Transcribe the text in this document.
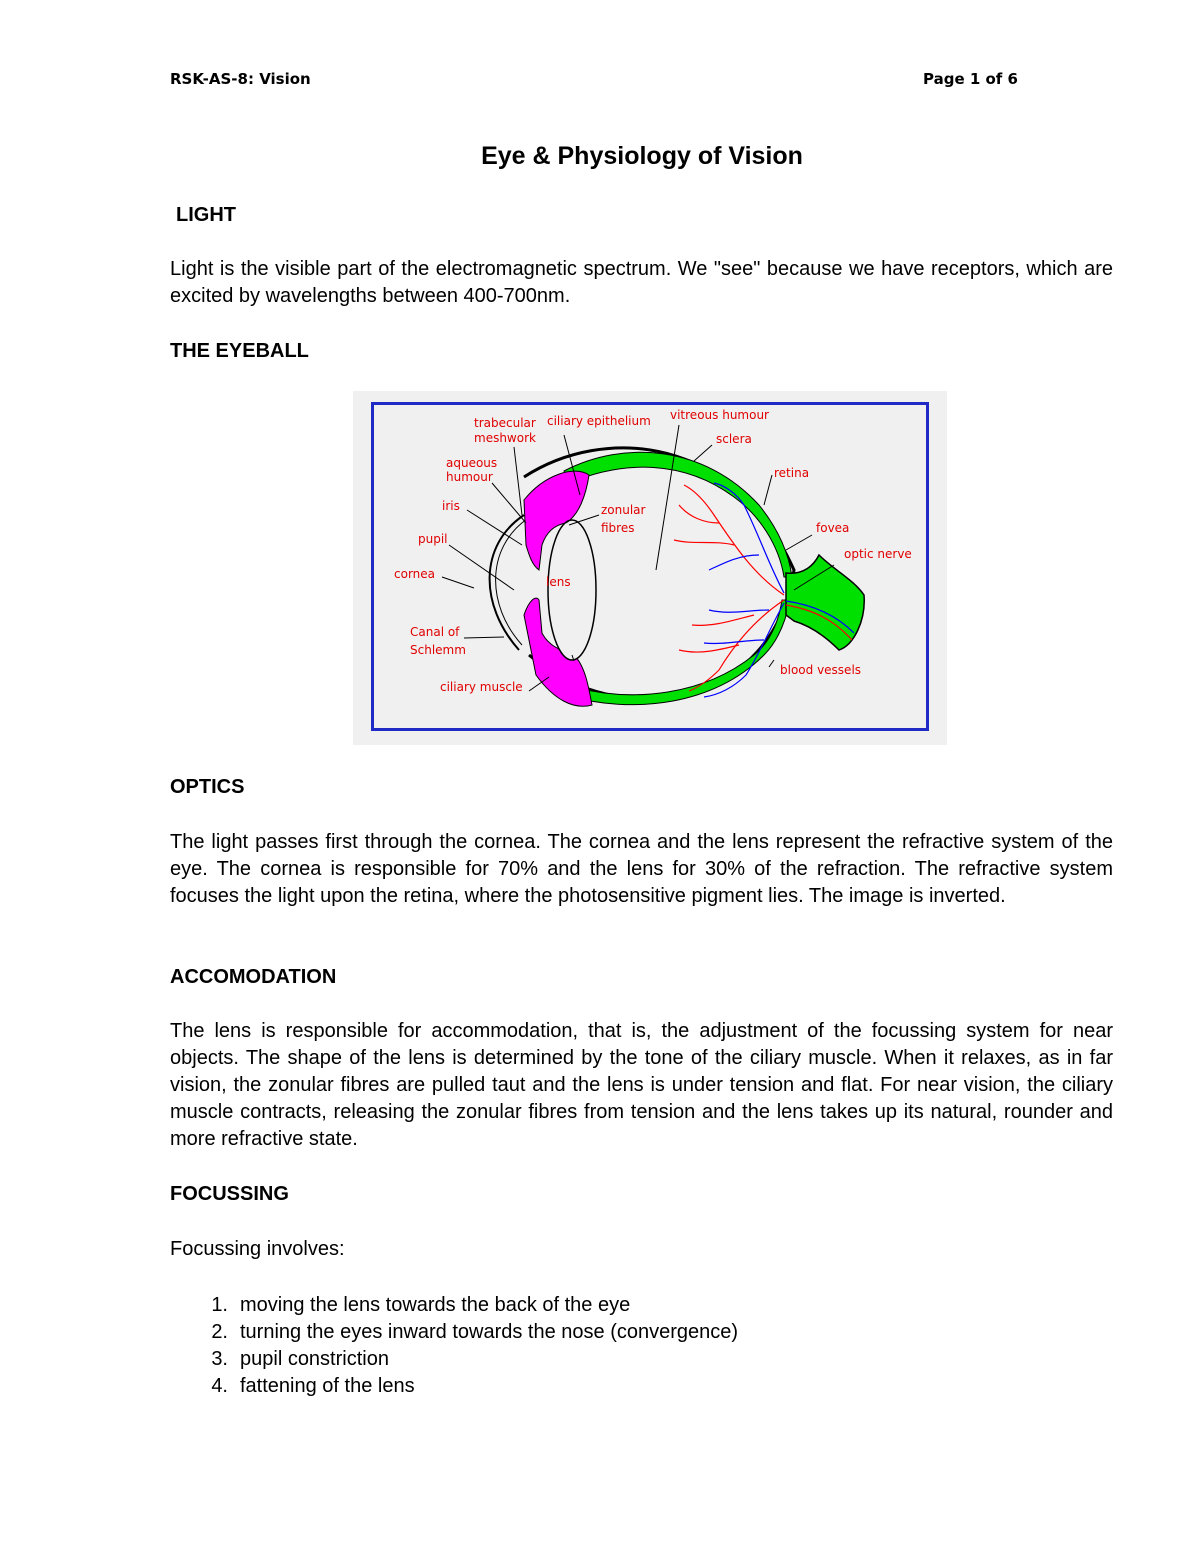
RSK-AS-8: Vision	Page 1 of 6
Eye & Physiology of Vision
LIGHT
Light is the visible part of the electromagnetic spectrum. We "see" because we have receptors, which are excited by wavelengths between 400-700nm.
THE EYEBALL
trabecular
meshwork
ciliary epithelium vitreous humour
sclera
aqueous
humour	retina
iris	zonular
fibres
pupil
fovea
optic nerve
cornea
lens
Canal of
Schlemm
blood vessels
ciliary muscle
OPTICS
The light passes first through the cornea. The cornea and the lens represent the refractive system of the eye. The cornea is responsible for 70% and the lens for 30% of the refraction. The refractive system focuses the light upon the retina, where the photosensitive pigment lies. The image is inverted.
ACCOMODATION
The lens is responsible for accommodation, that is, the adjustment of the focussing system for near objects. The shape of the lens is determined by the tone of the ciliary muscle. When it relaxes, as in far vision, the zonular fibres are pulled taut and the lens is under tension and flat. For near vision, the ciliary muscle contracts, releasing the zonular fibres from tension and the lens takes up its natural, rounder and more refractive state.
FOCUSSING
Focussing involves:
1. moving the lens towards the back of the eye
2. turning the eyes inward towards the nose (convergence)
3. pupil constriction
4. fattening of the lens
